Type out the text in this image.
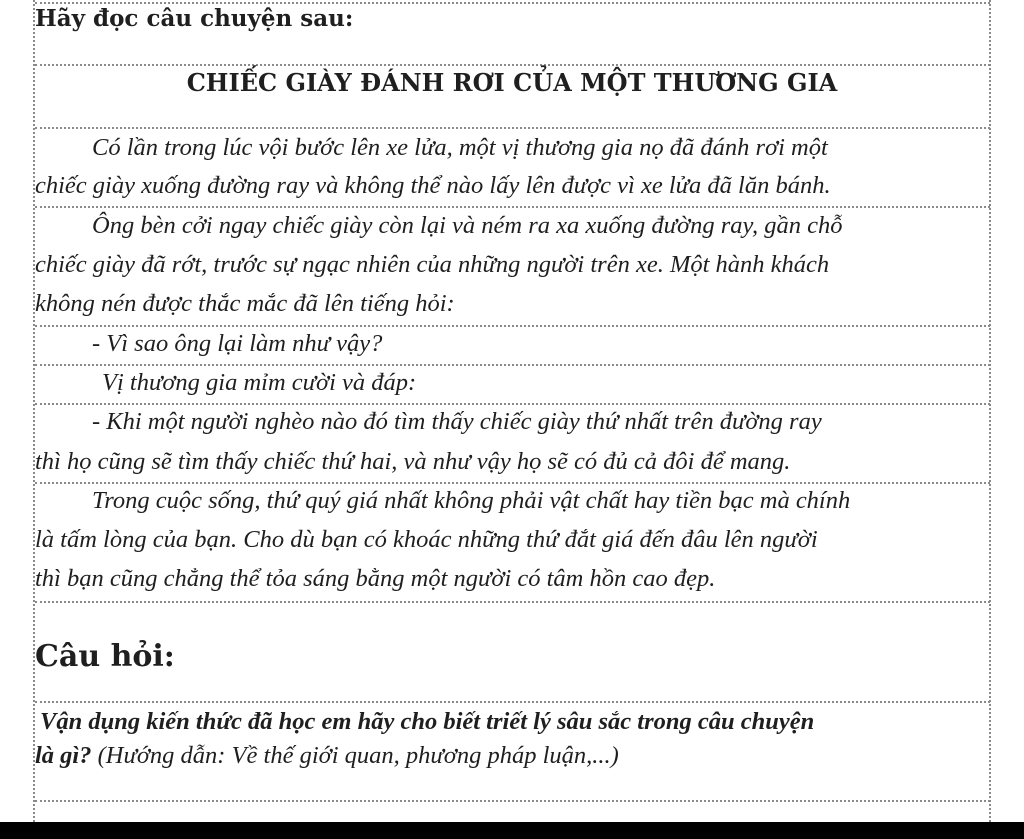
Hãy đọc câu chuyện sau:
CHIẾC GIÀY ĐÁNH RƠI CỦA MỘT THƯƠNG GIA
Có lần trong lúc vội bước lên xe lửa, một vị thương gia nọ đã đánh rơi một
chiếc giày xuống đường ray và không thể nào lấy lên được vì xe lửa đã lăn bánh.
Ông bèn cởi ngay chiếc giày còn lại và ném ra xa xuống đường ray, gần chỗ
chiếc giày đã rớt, trước sự ngạc nhiên của những người trên xe. Một hành khách
không nén được thắc mắc đã lên tiếng hỏi:
- Vì sao ông lại làm như vậy?
Vị thương gia mỉm cười và đáp:
- Khi một người nghèo nào đó tìm thấy chiếc giày thứ nhất trên đường ray
thì họ cũng sẽ tìm thấy chiếc thứ hai, và như vậy họ sẽ có đủ cả đôi để mang.
Trong cuộc sống, thứ quý giá nhất không phải vật chất hay tiền bạc mà chính
là tấm lòng của bạn. Cho dù bạn có khoác những thứ đắt giá đến đâu lên người
thì bạn cũng chẳng thể tỏa sáng bằng một người có tâm hồn cao đẹp.
Câu hỏi:
Vận dụng kiến thức đã học em hãy cho biết triết lý sâu sắc trong câu chuyện
là gì? (Hướng dẫn: Về thế giới quan, phương pháp luận,...)
